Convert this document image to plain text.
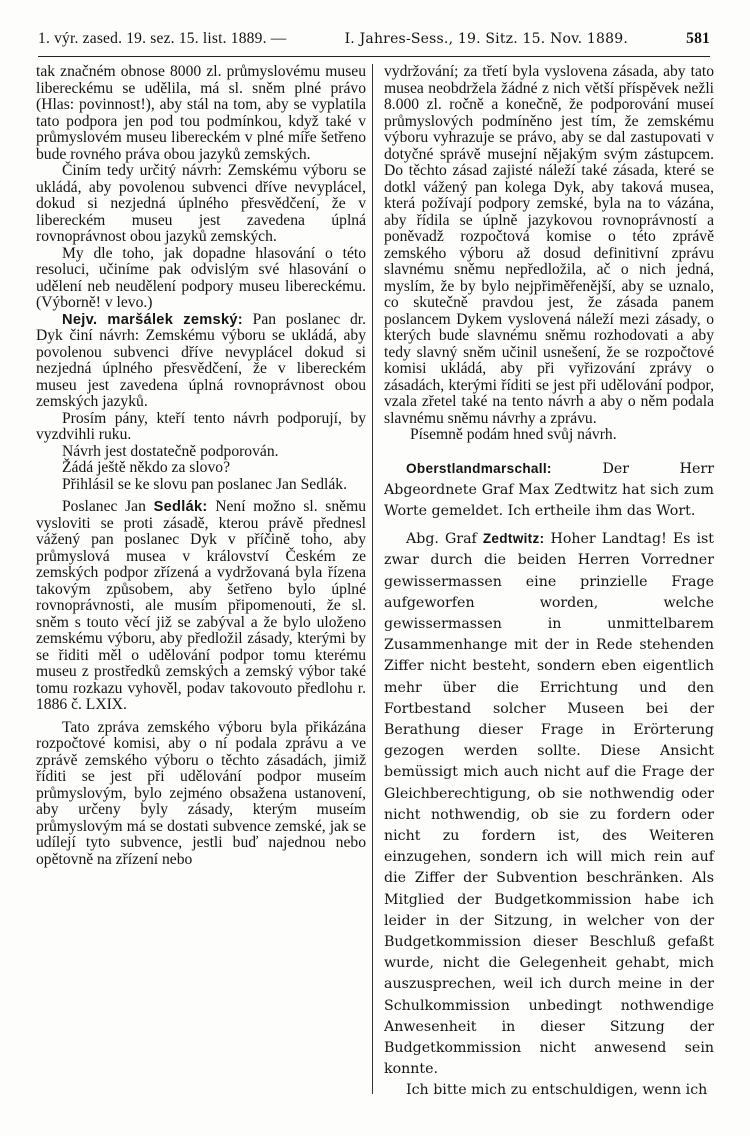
1. výr. zased. 19. sez. 15. list. 1889. —	I. Jahres-Sess., 19. Sitz. 15. Nov. 1889.	581

tak značném obnose 8000 zl. průmyslovému museu libereckému se udělila, má sl. sněm plné právo (Hlas: povinnost!), aby stál na tom, aby se vyplatila tato podpora jen pod tou podmínkou, když také v průmyslovém museu libereckém v plné míře šetřeno bude rovného práva obou jazyků zemských.

Činím tedy určitý návrh: Zemskému výboru se ukládá, aby povolenou subvenci dříve nevyplácel, dokud si nezjedná úplného přesvědčení, že v libereckém museu jest zavedena úplná rovnoprávnost obou jazyků zemských.

My dle toho, jak dopadne hlasování o této resoluci, učiníme pak odvislým své hlasování o udělení neb neudělení podpory museu libereckému. (Výborně! v levo.)

Nejv. maršálek zemský: Pan poslanec dr. Dyk činí návrh: Zemskému výboru se ukládá, aby povolenou subvenci dříve nevyplácel dokud si nezjedná úplného přesvědčení, že v libereckém museu jest zavedena úplná rovnoprávnost obou zemských jazyků.

Prosím pány, kteří tento návrh podporují, by vyzdvihli ruku.

Návrh jest dostatečně podporován.

Žádá ještě někdo za slovo?

Přihlásil se ke slovu pan poslanec Jan Sedlák.

Poslanec Jan Sedlák: Není možno sl. sněmu vysloviti se proti zásadě, kterou právě přednesl vážený pan poslanec Dyk v příčině toho, aby průmyslová musea v království Českém ze zemských podpor zřízená a vydržovaná byla řízena takovým způsobem, aby šetřeno bylo úplné rovnoprávnosti, ale musím připomenouti, že sl. sněm s touto věcí již se zabýval a že bylo uloženo zemskému výboru, aby předložil zásady, kterými by se řiditi měl o udělování podpor tomu kterému museu z prostředků zemských a zemský výbor také tomu rozkazu vyhověl, podav takovouto předlohu r. 1886 č. LXIX.

Tato zpráva zemského výboru byla přikázána rozpočtové komisi, aby o ní podala zprávu a ve zprávě zemského výboru o těchto zásadách, jimiž říditi se jest při udělování podpor museím průmyslovým, bylo zejméno obsažena ustanovení, aby určeny byly zásady, kterým museím průmyslovým má se dostati subvence zemské, jak se udílejí tyto subvence, jestli buď najednou nebo opětovně na zřízení nebo

vydržování; za třetí byla vyslovena zásada, aby tato musea neobdržela žádné z nich větší příspěvek nežli 8.000 zl. ročně a konečně, že podporování museí průmyslových podmíněno jest tím, že zemskému výboru vyhrazuje se právo, aby se dal zastupovati v dotyčné správě musejní nějakým svým zástupcem. Do těchto zásad zajisté náleží také zásada, které se dotkl vážený pan kolega Dyk, aby taková musea, která požívají podpory zemské, byla na to vázána, aby řídila se úplně jazykovou rovnoprávností a poněvadž rozpočtová komise o této zprávě zemského výboru až dosud definitivní zprávu slavnému sněmu nepředložila, ač o nich jedná, myslím, že by bylo nejpřiměřenější, aby se uznalo, co skutečně pravdou jest, že zásada panem poslancem Dykem vyslovená náleží mezi zásady, o kterých bude slavnému sněmu rozhodovati a aby tedy slavný sněm učinil usnešení, že se rozpočtové komisi ukládá, aby při vyřizování zprávy o zásadách, kterými říditi se jest při udělování podpor, vzala zřetel také na tento návrh a aby o něm podala slavnému sněmu návrhy a zprávu.

Písemně podám hned svůj návrh.

Oberstlandmarschall: Der Herr Abgeordnete Graf Max Zedtwitz hat sich zum Worte gemeldet. Ich ertheile ihm das Wort.

Abg. Graf Zedtwitz: Hoher Landtag! Es ist zwar durch die beiden Herren Vorredner gewissermassen eine prinzielle Frage aufgeworfen worden, welche gewissermassen in unmittelbarem Zusammenhange mit der in Rede stehenden Ziffer nicht besteht, sondern eben eigentlich mehr über die Errichtung und den Fortbestand solcher Museen bei der Berathung dieser Frage in Erörterung gezogen werden sollte. Diese Ansicht bemüssigt mich auch nicht auf die Frage der Gleichberechtigung, ob sie nothwendig oder nicht nothwendig, ob sie zu fordern oder nicht zu fordern ist, des Weiteren einzugehen, sondern ich will mich rein auf die Ziffer der Subvention beschränken. Als Mitglied der Budgetkommission habe ich leider in der Sitzung, in welcher von der Budgetkommission dieser Beschluß gefaßt wurde, nicht die Gelegenheit gehabt, mich auszusprechen, weil ich durch meine in der Schulkommission unbedingt nothwendige Anwesenheit in dieser Sitzung der Budgetkommission nicht anwesend sein konnte.

Ich bitte mich zu entschuldigen, wenn ich
